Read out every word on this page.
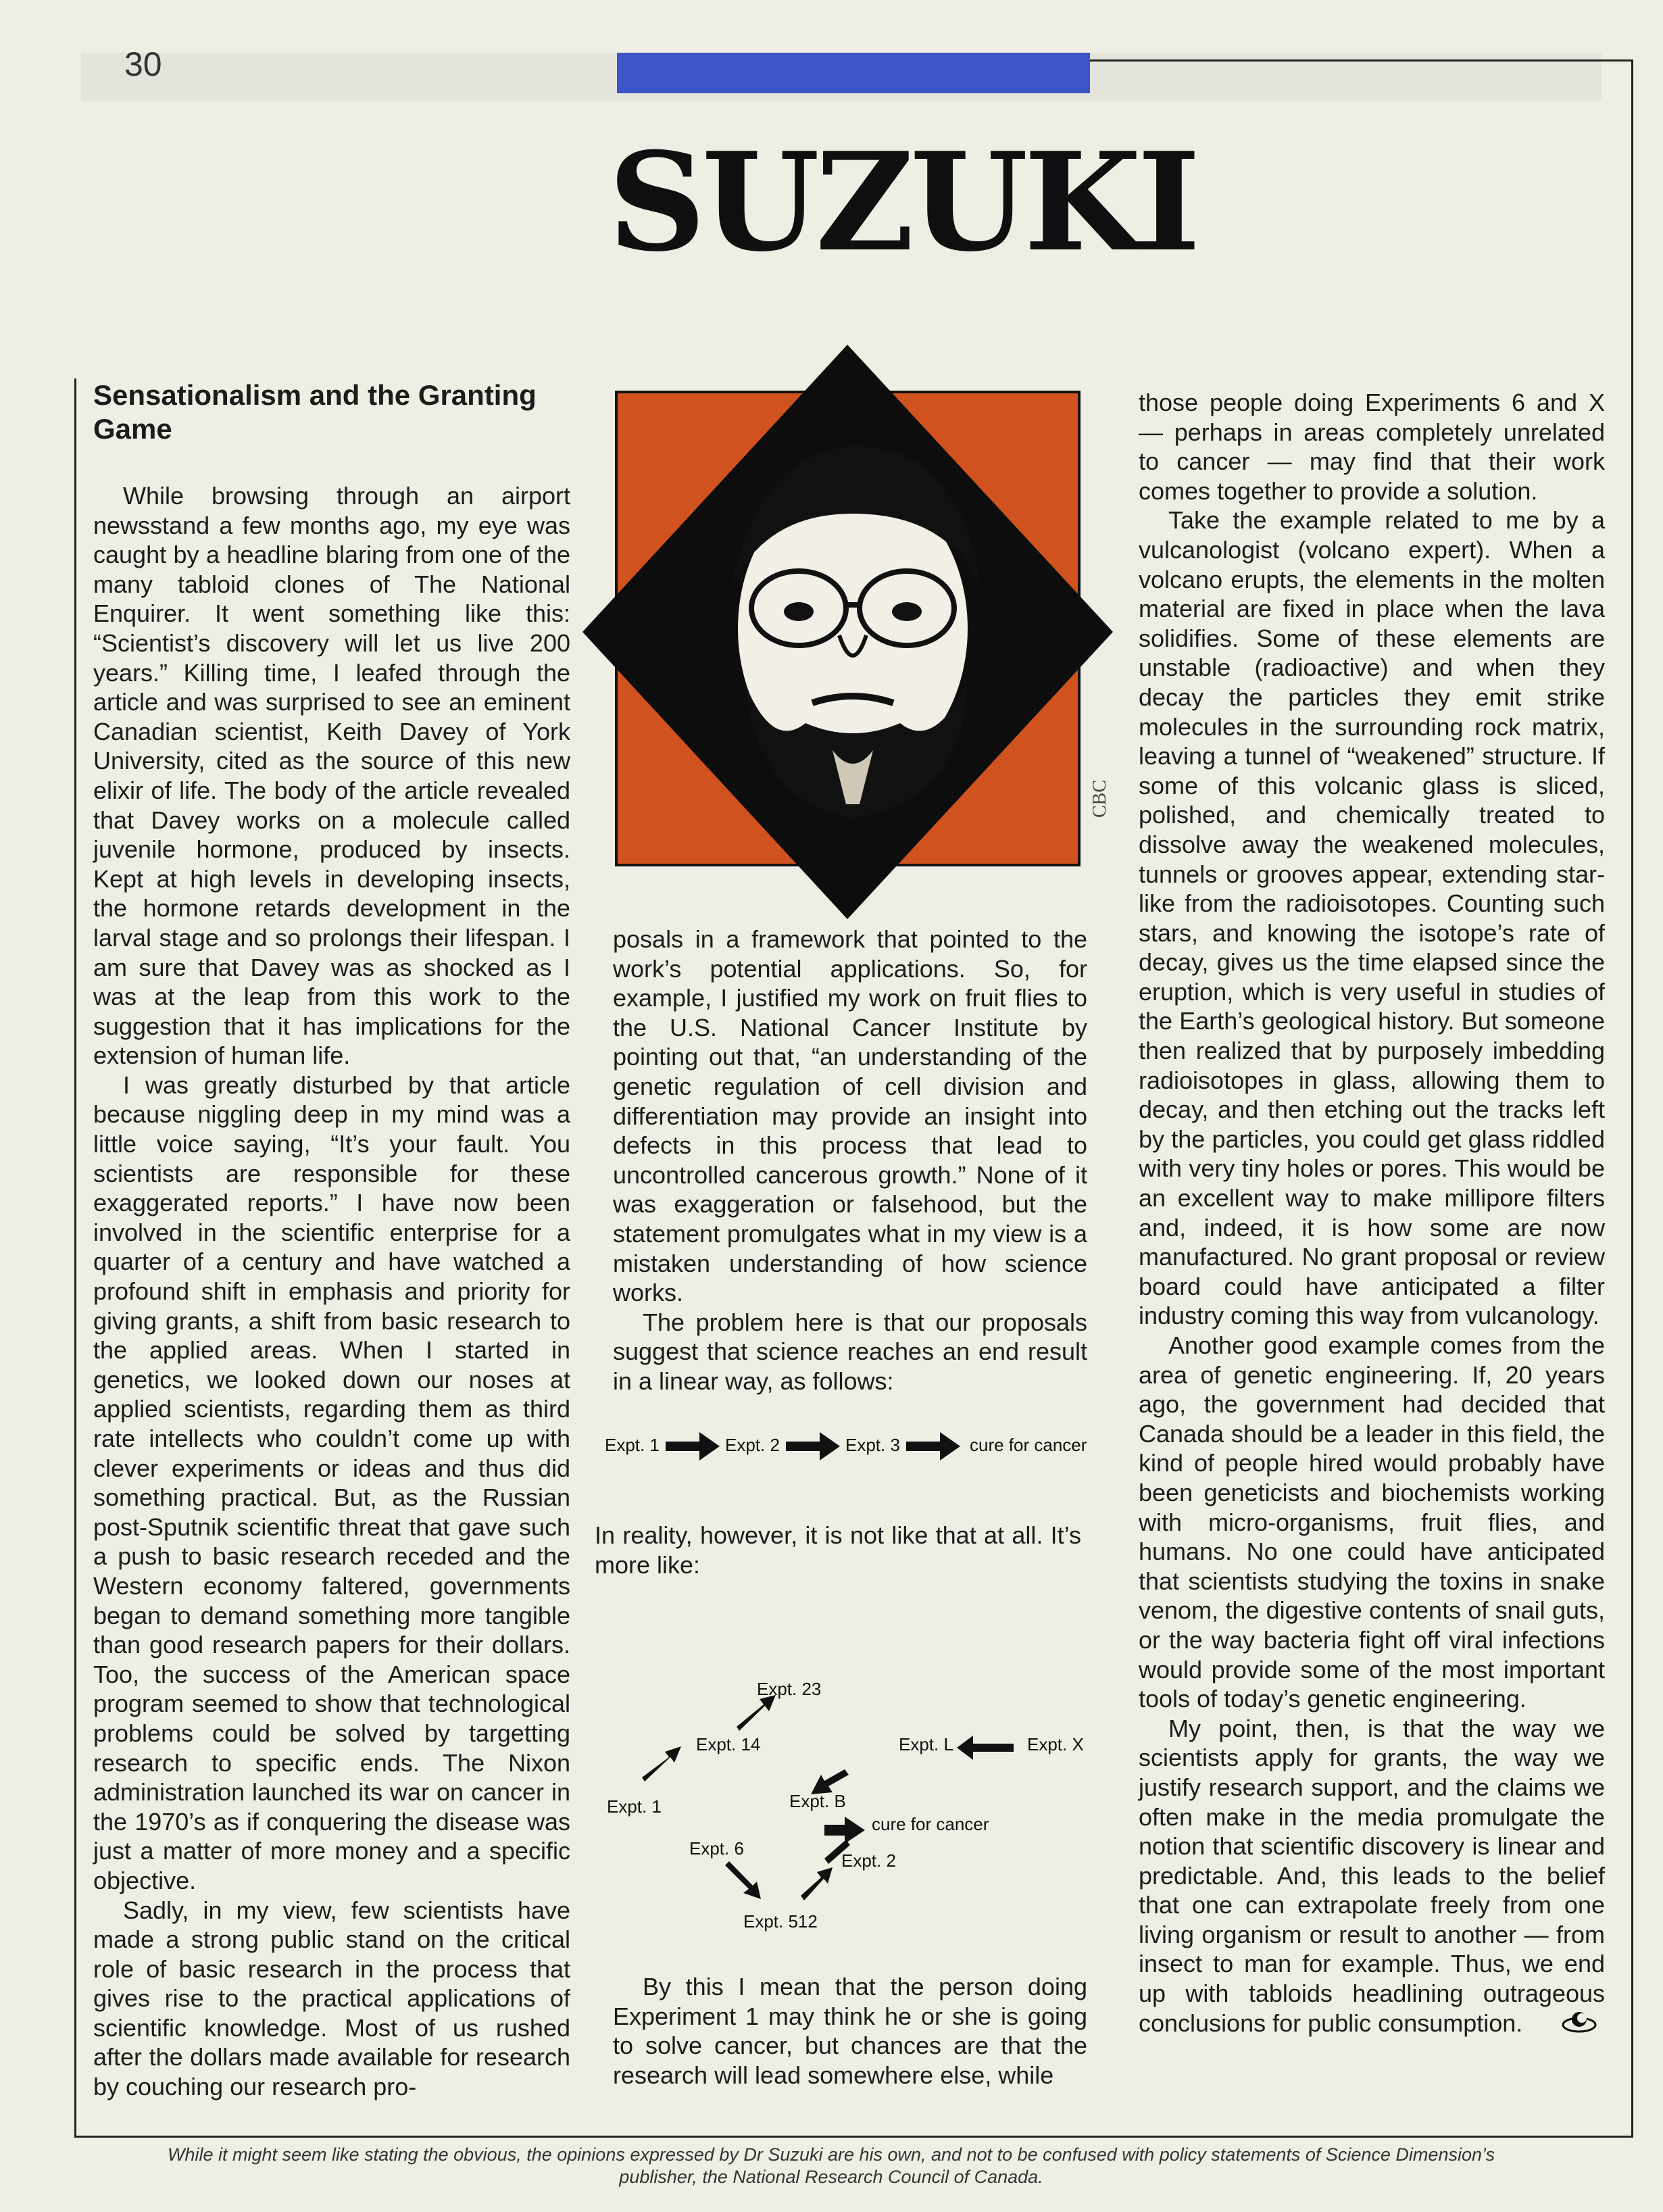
30
SUZUKI
Sensationalism and the Granting Game

While browsing through an airport newsstand a few months ago, my eye was caught by a headline blaring from one of the many tabloid clones of The National Enquirer. It went something like this: “Scientist’s discovery will let us live 200 years.” Killing time, I leafed through the article and was surprised to see an eminent Canadian scientist, Keith Davey of York University, cited as the source of this new elixir of life. The body of the article revealed that Davey works on a molecule called juvenile hormone, produced by insects. Kept at high levels in developing insects, the hormone retards development in the larval stage and so prolongs their lifespan. I am sure that Davey was as shocked as I was at the leap from this work to the suggestion that it has implications for the extension of human life.

I was greatly disturbed by that article because niggling deep in my mind was a little voice saying, “It’s your fault. You scientists are responsible for these exaggerated reports.” I have now been involved in the scientific enterprise for a quarter of a century and have watched a profound shift in emphasis and priority for giving grants, a shift from basic research to the applied areas. When I started in genetics, we looked down our noses at applied scientists, regarding them as third rate intellects who couldn’t come up with clever experiments or ideas and thus did something practical. But, as the Russian post-Sputnik scientific threat that gave such a push to basic research receded and the Western economy faltered, governments began to demand something more tangible than good research papers for their dollars. Too, the success of the American space program seemed to show that technological problems could be solved by targetting research to specific ends. The Nixon administration launched its war on cancer in the 1970’s as if conquering the disease was just a matter of more money and a specific objective.

Sadly, in my view, few scientists have made a strong public stand on the critical role of basic research in the process that gives rise to the practical applications of scientific knowledge. Most of us rushed after the dollars made available for research by couching our research pro-

CBC

posals in a framework that pointed to the work’s potential applications. So, for example, I justified my work on fruit flies to the U.S. National Cancer Institute by pointing out that, “an understanding of the genetic regulation of cell division and differentiation may provide an insight into defects in this process that lead to uncontrolled cancerous growth.” None of it was exaggeration or falsehood, but the statement promulgates what in my view is a mistaken understanding of how science works.

The problem here is that our proposals suggest that science reaches an end result in a linear way, as follows:

Expt. 1	Expt. 2	Expt. 3	cure for cancer

In reality, however, it is not like that at all. It’s more like:

Expt. 23
Expt. 14
Expt. 1
Expt. L	Expt. X
Expt. B
cure for cancer
Expt. 6
Expt. 2
Expt. 512

By this I mean that the person doing Experiment 1 may think he or she is going to solve cancer, but chances are that the research will lead somewhere else, while

those people doing Experiments 6 and X — perhaps in areas completely unrelated to cancer — may find that their work comes together to provide a solution.

Take the example related to me by a vulcanologist (volcano expert). When a volcano erupts, the elements in the molten material are fixed in place when the lava solidifies. Some of these elements are unstable (radioactive) and when they decay the particles they emit strike molecules in the surrounding rock matrix, leaving a tunnel of “weakened” structure. If some of this volcanic glass is sliced, polished, and chemically treated to dissolve away the weakened molecules, tunnels or grooves appear, extending star-like from the radioisotopes. Counting such stars, and knowing the isotope’s rate of decay, gives us the time elapsed since the eruption, which is very useful in studies of the Earth’s geological history. But someone then realized that by purposely imbedding radioisotopes in glass, allowing them to decay, and then etching out the tracks left by the particles, you could get glass riddled with very tiny holes or pores. This would be an excellent way to make millipore filters and, indeed, it is how some are now manufactured. No grant proposal or review board could have anticipated a filter industry coming this way from vulcanology.

Another good example comes from the area of genetic engineering. If, 20 years ago, the government had decided that Canada should be a leader in this field, the kind of people hired would probably have been geneticists and biochemists working with micro-organisms, fruit flies, and humans. No one could have anticipated that scientists studying the toxins in snake venom, the digestive contents of snail guts, or the way bacteria fight off viral infections would provide some of the most important tools of today’s genetic engineering.

My point, then, is that the way we scientists apply for grants, the way we justify research support, and the claims we often make in the media promulgate the notion that scientific discovery is linear and predictable. And, this leads to the belief that one can extrapolate freely from one living organism or result to another — from insect to man for example. Thus, we end up with tabloids headlining outrageous conclusions for public consumption.

While it might seem like stating the obvious, the opinions expressed by Dr Suzuki are his own, and not to be confused with policy statements of Science Dimension’s publisher, the National Research Council of Canada.
